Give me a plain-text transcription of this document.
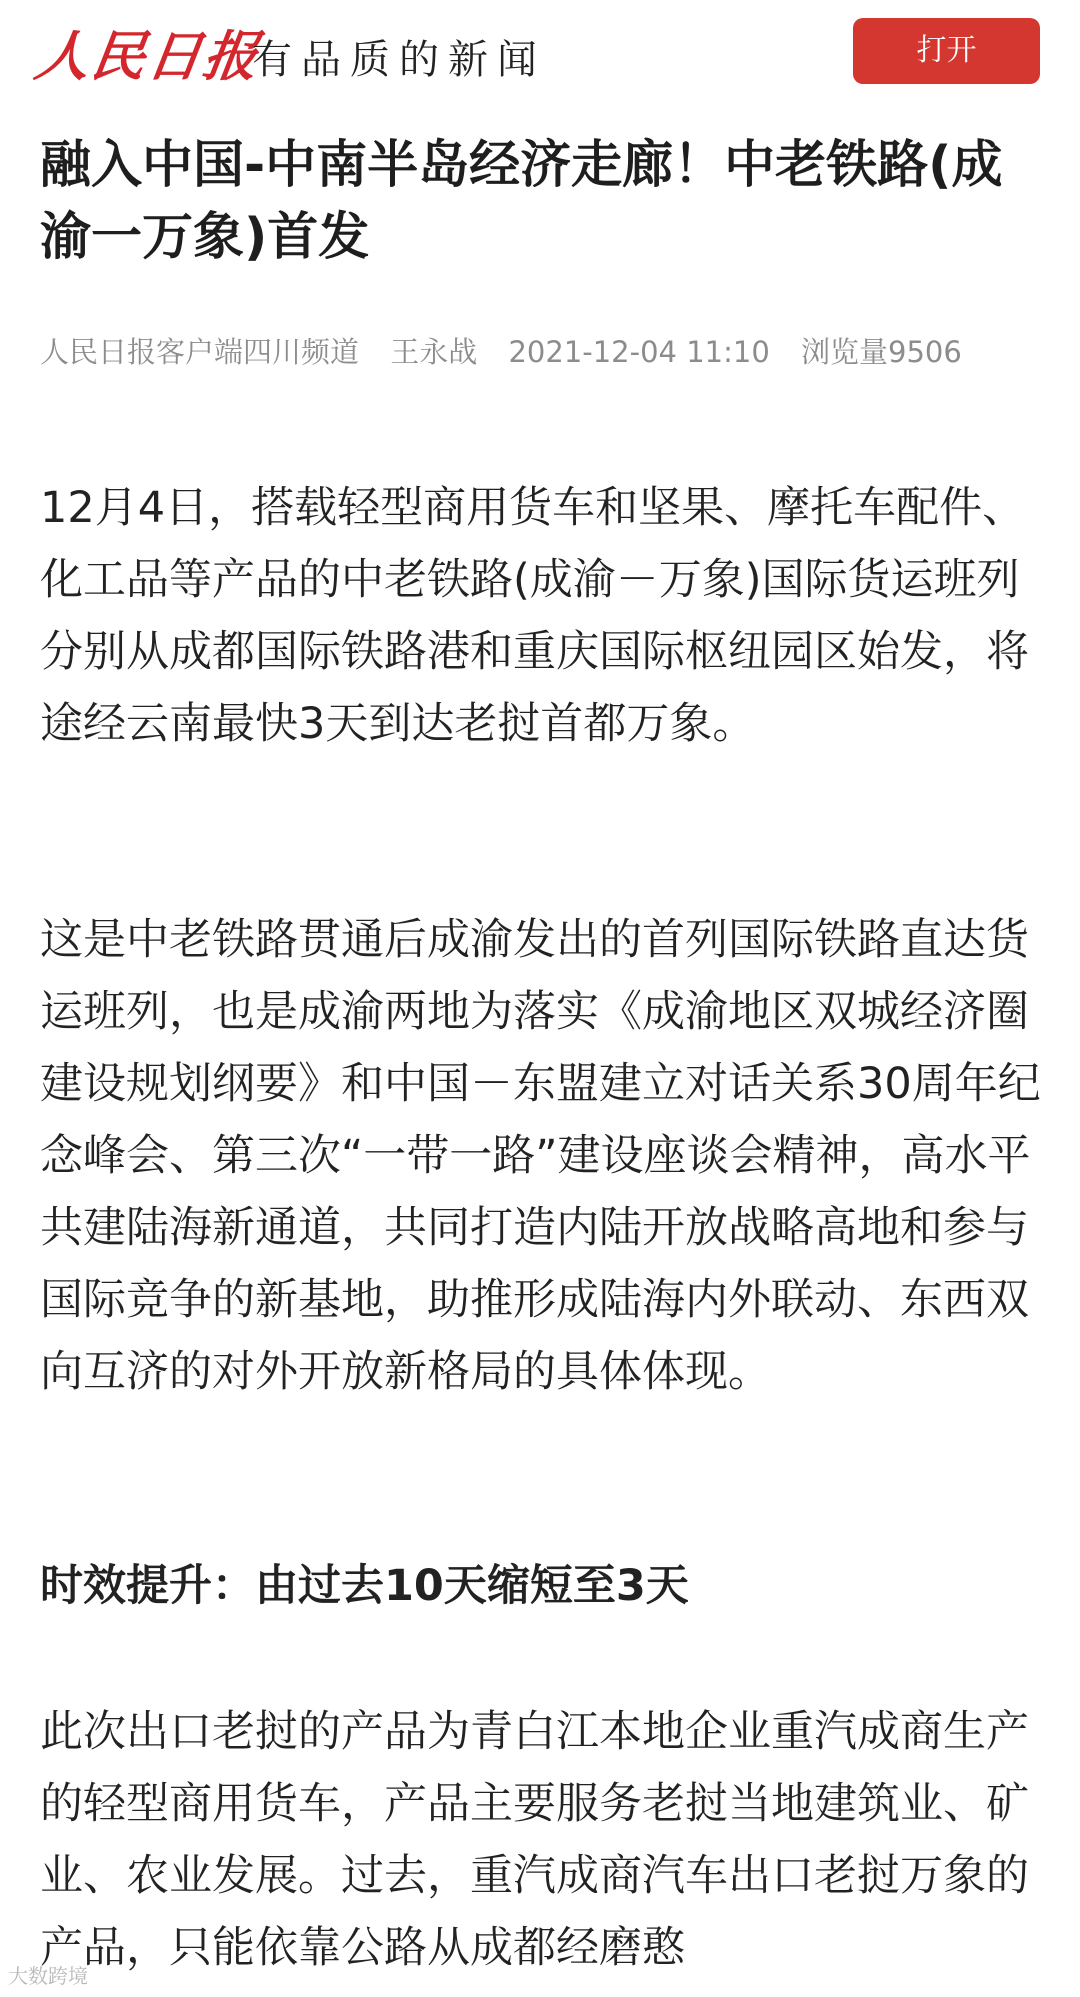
人民日报
有品质的新闻	打开
融入中国-中南半岛经济走廊！中老铁路(成渝一万象)首发
人民日报客户端四川频道 王永战 2021-12-04 11:10 浏览量9506

12月4日，搭载轻型商用货车和坚果、摩托车配件、化工品等产品的中老铁路(成渝－万象)国际货运班列分别从成都国际铁路港和重庆国际枢纽园区始发，将途经云南最快3天到达老挝首都万象。

这是中老铁路贯通后成渝发出的首列国际铁路直达货运班列，也是成渝两地为落实《成渝地区双城经济圈建设规划纲要》和中国－东盟建立对话关系30周年纪念峰会、第三次“一带一路”建设座谈会精神，高水平共建陆海新通道，共同打造内陆开放战略高地和参与国际竞争的新基地，助推形成陆海内外联动、东西双向互济的对外开放新格局的具体体现。

时效提升：由过去10天缩短至3天

此次出口老挝的产品为青白江本地企业重汽成商生产的轻型商用货车，产品主要服务老挝当地建筑业、矿业、农业发展。过去，重汽成商汽车出口老挝万象的产品，只能依靠公路从成都经磨憨

大数跨境
